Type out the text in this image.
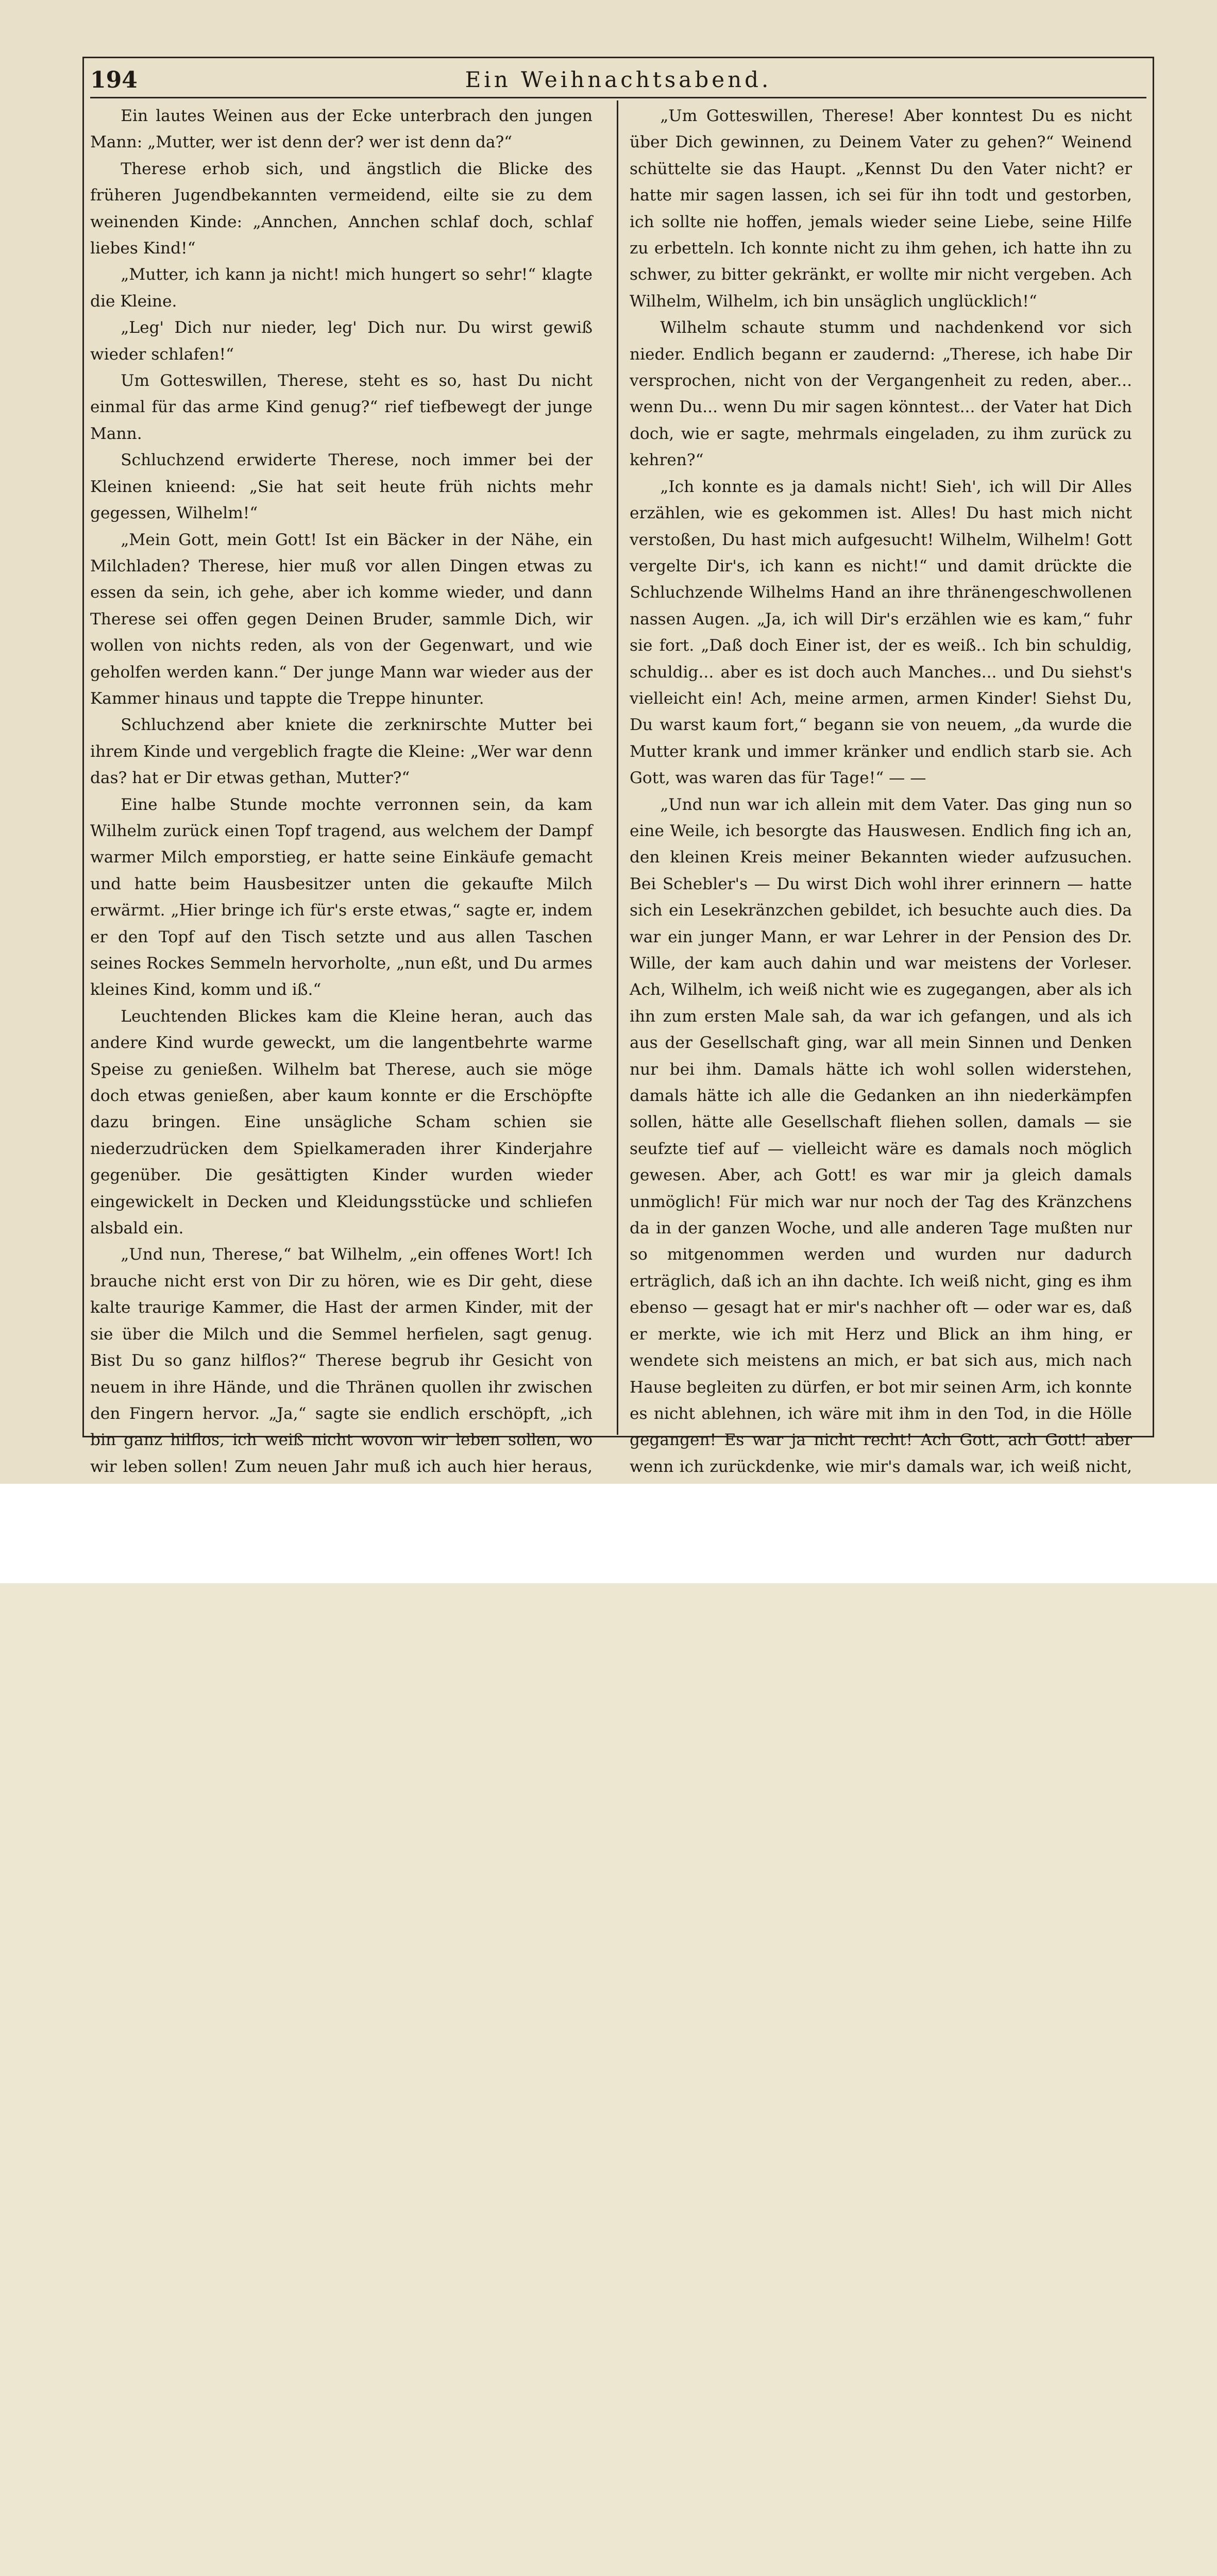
194	Ein Weihnachtsabend.

Ein lautes Weinen aus der Ecke unterbrach den jungen Mann: „Mutter, wer ist denn der? wer ist denn da?“

Therese erhob sich, und ängstlich die Blicke des früheren Jugendbekannten vermeidend, eilte sie zu dem weinenden Kinde: „Annchen, Annchen schlaf doch, schlaf liebes Kind!“

„Mutter, ich kann ja nicht! mich hungert so sehr!“ klagte die Kleine.

„Leg' Dich nur nieder, leg' Dich nur. Du wirst gewiß wieder schlafen!“

Um Gotteswillen, Therese, steht es so, hast Du nicht einmal für das arme Kind genug?“ rief tiefbewegt der junge Mann.

Schluchzend erwiderte Therese, noch immer bei der Kleinen knieend: „Sie hat seit heute früh nichts mehr gegessen, Wilhelm!“

„Mein Gott, mein Gott! Ist ein Bäcker in der Nähe, ein Milchladen? Therese, hier muß vor allen Dingen etwas zu essen da sein, ich gehe, aber ich komme wieder, und dann Therese sei offen gegen Deinen Bruder, sammle Dich, wir wollen von nichts reden, als von der Gegenwart, und wie geholfen werden kann.“ Der junge Mann war wieder aus der Kammer hinaus und tappte die Treppe hinunter.

Schluchzend aber kniete die zerknirschte Mutter bei ihrem Kinde und vergeblich fragte die Kleine: „Wer war denn das? hat er Dir etwas gethan, Mutter?“

Eine halbe Stunde mochte verronnen sein, da kam Wilhelm zurück einen Topf tragend, aus welchem der Dampf warmer Milch emporstieg, er hatte seine Einkäufe gemacht und hatte beim Hausbesitzer unten die gekaufte Milch erwärmt. „Hier bringe ich für's erste etwas,“ sagte er, indem er den Topf auf den Tisch setzte und aus allen Taschen seines Rockes Semmeln hervorholte, „nun eßt, und Du armes kleines Kind, komm und iß.“

Leuchtenden Blickes kam die Kleine heran, auch das andere Kind wurde geweckt, um die langentbehrte warme Speise zu genießen. Wilhelm bat Therese, auch sie möge doch etwas genießen, aber kaum konnte er die Erschöpfte dazu bringen. Eine unsägliche Scham schien sie niederzudrücken dem Spielkameraden ihrer Kinderjahre gegenüber. Die gesättigten Kinder wurden wieder eingewickelt in Decken und Kleidungsstücke und schliefen alsbald ein.

„Und nun, Therese,“ bat Wilhelm, „ein offenes Wort! Ich brauche nicht erst von Dir zu hören, wie es Dir geht, diese kalte traurige Kammer, die Hast der armen Kinder, mit der sie über die Milch und die Semmel herfielen, sagt genug. Bist Du so ganz hilflos?“ Therese begrub ihr Gesicht von neuem in ihre Hände, und die Thränen quollen ihr zwischen den Fingern hervor. „Ja,“ sagte sie endlich erschöpft, „ich bin ganz hilflos, ich weiß nicht wovon wir leben sollen, wo wir leben sollen! Zum neuen Jahr muß ich auch hier heraus,

„Um Gotteswillen, Therese! Aber konntest Du es nicht über Dich gewinnen, zu Deinem Vater zu gehen?“ Weinend schüttelte sie das Haupt. „Kennst Du den Vater nicht? er hatte mir sagen lassen, ich sei für ihn todt und gestorben, ich sollte nie hoffen, jemals wieder seine Liebe, seine Hilfe zu erbetteln. Ich konnte nicht zu ihm gehen, ich hatte ihn zu schwer, zu bitter gekränkt, er wollte mir nicht vergeben. Ach Wilhelm, Wilhelm, ich bin unsäglich unglücklich!“

Wilhelm schaute stumm und nachdenkend vor sich nieder. Endlich begann er zaudernd: „Therese, ich habe Dir versprochen, nicht von der Vergangenheit zu reden, aber... wenn Du... wenn Du mir sagen könntest... der Vater hat Dich doch, wie er sagte, mehrmals eingeladen, zu ihm zurück zu kehren?“

„Ich konnte es ja damals nicht! Sieh', ich will Dir Alles erzählen, wie es gekommen ist. Alles! Du hast mich nicht verstoßen, Du hast mich aufgesucht! Wilhelm, Wilhelm! Gott vergelte Dir's, ich kann es nicht!“ und damit drückte die Schluchzende Wilhelms Hand an ihre thränengeschwollenen nassen Augen. „Ja, ich will Dir's erzählen wie es kam,“ fuhr sie fort. „Daß doch Einer ist, der es weiß.. Ich bin schuldig, schuldig... aber es ist doch auch Manches... und Du siehst's vielleicht ein! Ach, meine armen, armen Kinder! Siehst Du, Du warst kaum fort,“ begann sie von neuem, „da wurde die Mutter krank und immer kränker und endlich starb sie. Ach Gott, was waren das für Tage!“ — —

„Und nun war ich allein mit dem Vater. Das ging nun so eine Weile, ich besorgte das Hauswesen. Endlich fing ich an, den kleinen Kreis meiner Bekannten wieder aufzusuchen. Bei Schebler's — Du wirst Dich wohl ihrer erinnern — hatte sich ein Lesekränzchen gebildet, ich besuchte auch dies. Da war ein junger Mann, er war Lehrer in der Pension des Dr. Wille, der kam auch dahin und war meistens der Vorleser. Ach, Wilhelm, ich weiß nicht wie es zugegangen, aber als ich ihn zum ersten Male sah, da war ich gefangen, und als ich aus der Gesellschaft ging, war all mein Sinnen und Denken nur bei ihm. Damals hätte ich wohl sollen widerstehen, damals hätte ich alle die Gedanken an ihn niederkämpfen sollen, hätte alle Gesellschaft fliehen sollen, damals — sie seufzte tief auf — vielleicht wäre es damals noch möglich gewesen. Aber, ach Gott! es war mir ja gleich damals unmöglich! Für mich war nur noch der Tag des Kränzchens da in der ganzen Woche, und alle anderen Tage mußten nur so mitgenommen werden und wurden nur dadurch erträglich, daß ich an ihn dachte. Ich weiß nicht, ging es ihm ebenso — gesagt hat er mir's nachher oft — oder war es, daß er merkte, wie ich mit Herz und Blick an ihm hing, er wendete sich meistens an mich, er bat sich aus, mich nach Hause begleiten zu dürfen, er bot mir seinen Arm, ich konnte es nicht ablehnen, ich wäre mit ihm in den Tod, in die Hölle gegangen! Es war ja nicht recht! Ach Gott, ach Gott! aber wenn ich zurückdenke, wie mir's damals war, ich weiß nicht,
